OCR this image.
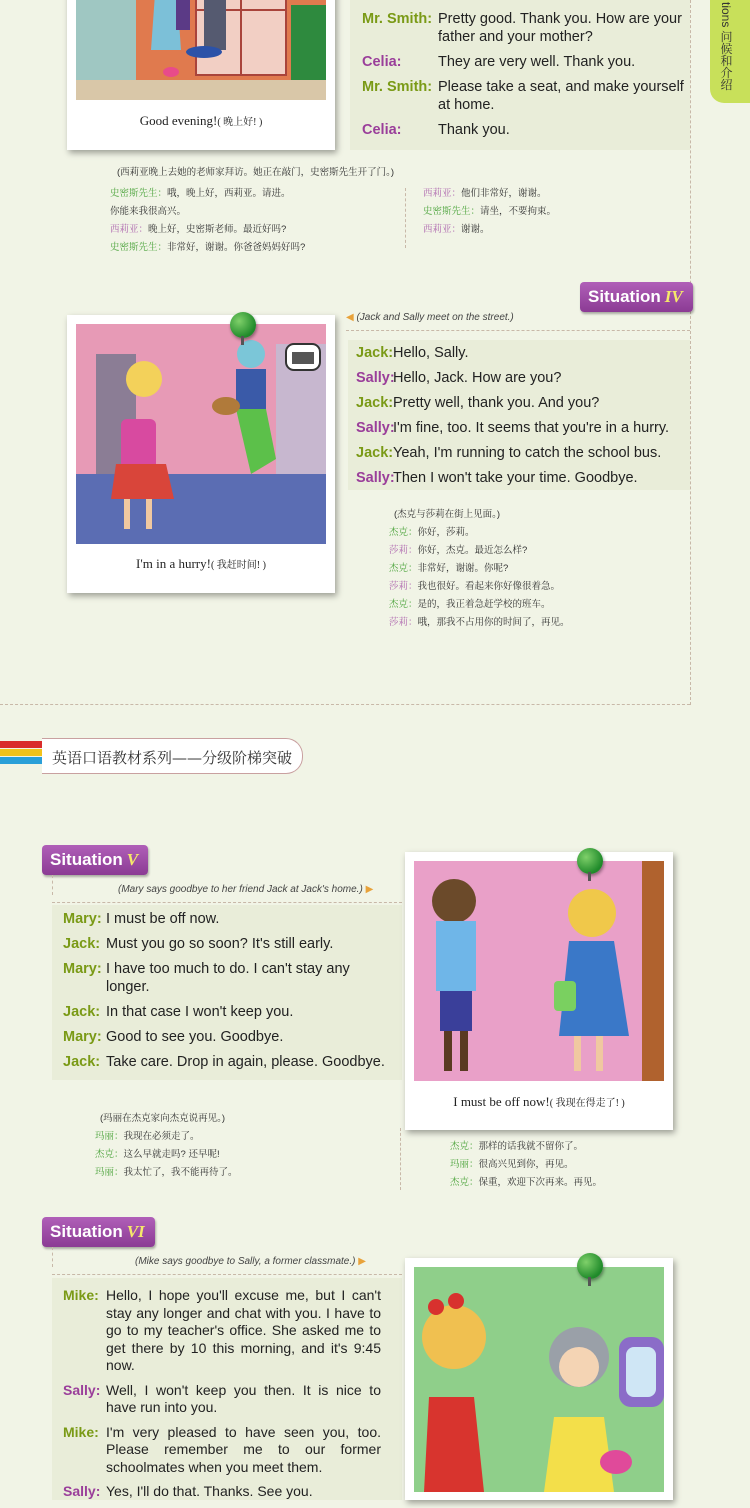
tions 问候和介绍
Good evening!( 晚上好! )
Mr. Smith: Pretty good. Thank you. How are your father and your mother?
Celia:	They are very well. Thank you.
Mr. Smith: Please take a seat, and make yourself at home.
Celia:	Thank you.
(西莉亚晚上去她的老师家拜访。她正在敲门，史密斯先生开了门。)
史密斯先生：哦，晚上好，西莉亚。请进。
你能来我很高兴。
西莉亚：晚上好，史密斯老师。最近好吗?
史密斯先生：非常好，谢谢。你爸爸妈妈好吗?
西莉亚：他们非常好，谢谢。
史密斯先生：请坐，不要拘束。
西莉亚：谢谢。
Situation IV
◀ (Jack and Sally meet on the street.)
I'm in a hurry!( 我赶时间! )
Jack: Hello, Sally.
Sally:
Hello, Jack. How are you?
Jack: Pretty well, thank you. And you?
Sally:
I'm fine, too. It seems that you're in a hurry.
Jack: Yeah, I'm running to catch the school bus.
Sally:
Then I won't take your time. Goodbye.
(杰克与莎莉在街上见面。)
杰克：你好，莎莉。
莎莉：你好，杰克。最近怎么样?
杰克：非常好，谢谢。你呢?
莎莉：我也很好。看起来你好像很着急。
杰克：是的，我正着急赶学校的班车。
莎莉：哦，那我不占用你的时间了，再见。
英语口语教材系列——分级阶梯突破
Situation V
(Mary says goodbye to her friend Jack at Jack's home.) ▶
Mary: I must be off now.
Jack: Must you go so soon? It's still early.
Mary: I have too much to do. I can't stay any longer.
Jack: In that case I won't keep you.
Mary: Good to see you. Goodbye.
Jack: Take care. Drop in again, please. Goodbye.
I must be off now!( 我现在得走了! )
(玛丽在杰克家向杰克说再见。)
玛丽：我现在必须走了。
杰克：这么早就走吗? 还早呢!
玛丽：我太忙了，我不能再待了。
杰克：那样的话我就不留你了。
玛丽：很高兴见到你，再见。
杰克：保重，欢迎下次再来。再见。
Situation VI
(Mike says goodbye to Sally, a former classmate.) ▶
Mike: Hello, I hope you'll excuse me, but I can't stay any longer and chat with you. I have to go to my teacher's office. She asked me to get there by 10 this morning, and it's 9:45 now.
Sally: Well, I won't keep you then. It is nice to have run into you.
Mike: I'm very pleased to have seen you, too. Please remember me to our former schoolmates when you meet them.
Sally: Yes, I'll do that. Thanks. See you.
